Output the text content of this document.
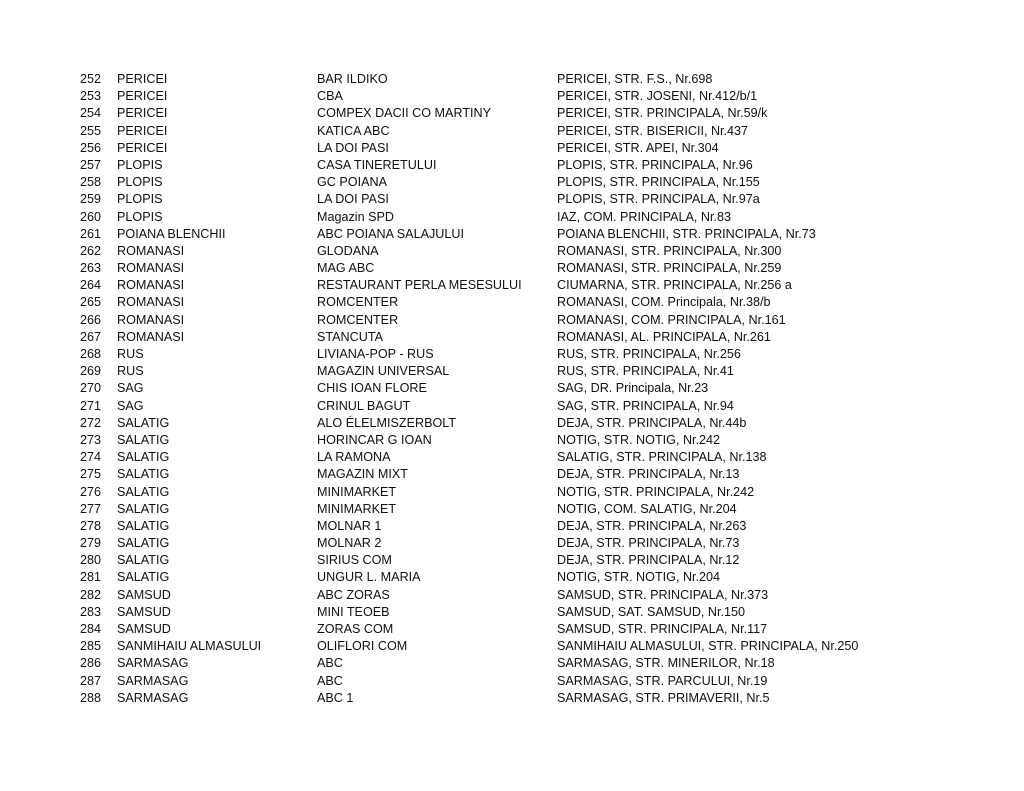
252 PERICEI	BAR ILDIKO	PERICEI, STR. F.S., Nr.698
253 PERICEI	CBA	PERICEI, STR. JOSENI, Nr.412/b/1
254 PERICEI	COMPEX DACII CO MARTINY	PERICEI, STR. PRINCIPALA, Nr.59/k
255 PERICEI	KATICA ABC	PERICEI, STR. BISERICII, Nr.437
256 PERICEI	LA DOI PASI	PERICEI, STR. APEI, Nr.304
257 PLOPIS	CASA TINERETULUI	PLOPIS, STR. PRINCIPALA, Nr.96
258 PLOPIS	GC POIANA	PLOPIS, STR. PRINCIPALA, Nr.155
259 PLOPIS	LA DOI PASI	PLOPIS, STR. PRINCIPALA, Nr.97a
260 PLOPIS	Magazin SPD	IAZ, COM. PRINCIPALA, Nr.83
261 POIANA BLENCHII	ABC POIANA SALAJULUI	POIANA BLENCHII, STR. PRINCIPALA, Nr.73
262 ROMANASI	GLODANA	ROMANASI, STR. PRINCIPALA, Nr.300
263 ROMANASI	MAG ABC	ROMANASI, STR. PRINCIPALA, Nr.259
264 ROMANASI	RESTAURANT PERLA MESESULUI	CIUMARNA, STR. PRINCIPALA, Nr.256 a
265 ROMANASI	ROMCENTER	ROMANASI, COM. Principala, Nr.38/b
266 ROMANASI	ROMCENTER	ROMANASI, COM. PRINCIPALA, Nr.161
267 ROMANASI	STANCUTA	ROMANASI, AL. PRINCIPALA, Nr.261
268 RUS	LIVIANA-POP - RUS	RUS, STR. PRINCIPALA, Nr.256
269 RUS	MAGAZIN UNIVERSAL	RUS, STR. PRINCIPALA, Nr.41
270 SAG	CHIS IOAN FLORE	SAG, DR. Principala, Nr.23
271 SAG	CRINUL BAGUT	SAG, STR. PRINCIPALA, Nr.94
272 SALATIG	ALO ÉLELMISZERBOLT	DEJA, STR. PRINCIPALA, Nr.44b
273 SALATIG	HORINCAR G IOAN	NOTIG, STR. NOTIG, Nr.242
274 SALATIG	LA RAMONA	SALATIG, STR. PRINCIPALA, Nr.138
275 SALATIG	MAGAZIN MIXT	DEJA, STR. PRINCIPALA, Nr.13
276 SALATIG	MINIMARKET	NOTIG, STR. PRINCIPALA, Nr.242
277 SALATIG	MINIMARKET	NOTIG, COM. SALATIG, Nr.204
278 SALATIG	MOLNAR 1	DEJA, STR. PRINCIPALA, Nr.263
279 SALATIG	MOLNAR 2	DEJA, STR. PRINCIPALA, Nr.73
280 SALATIG	SIRIUS COM	DEJA, STR. PRINCIPALA, Nr.12
281 SALATIG	UNGUR L. MARIA	NOTIG, STR. NOTIG, Nr.204
282 SAMSUD	ABC ZORAS	SAMSUD, STR. PRINCIPALA, Nr.373
283 SAMSUD	MINI TEOEB	SAMSUD, SAT. SAMSUD, Nr.150
284 SAMSUD	ZORAS COM	SAMSUD, STR. PRINCIPALA, Nr.117
285 SANMIHAIU ALMASULUI	OLIFLORI COM	SANMIHAIU ALMASULUI, STR. PRINCIPALA, Nr.250
286 SARMASAG	ABC	SARMASAG, STR. MINERILOR, Nr.18
287 SARMASAG	ABC	SARMASAG, STR. PARCULUI, Nr.19
288 SARMASAG	ABC 1	SARMASAG, STR. PRIMAVERII, Nr.5
